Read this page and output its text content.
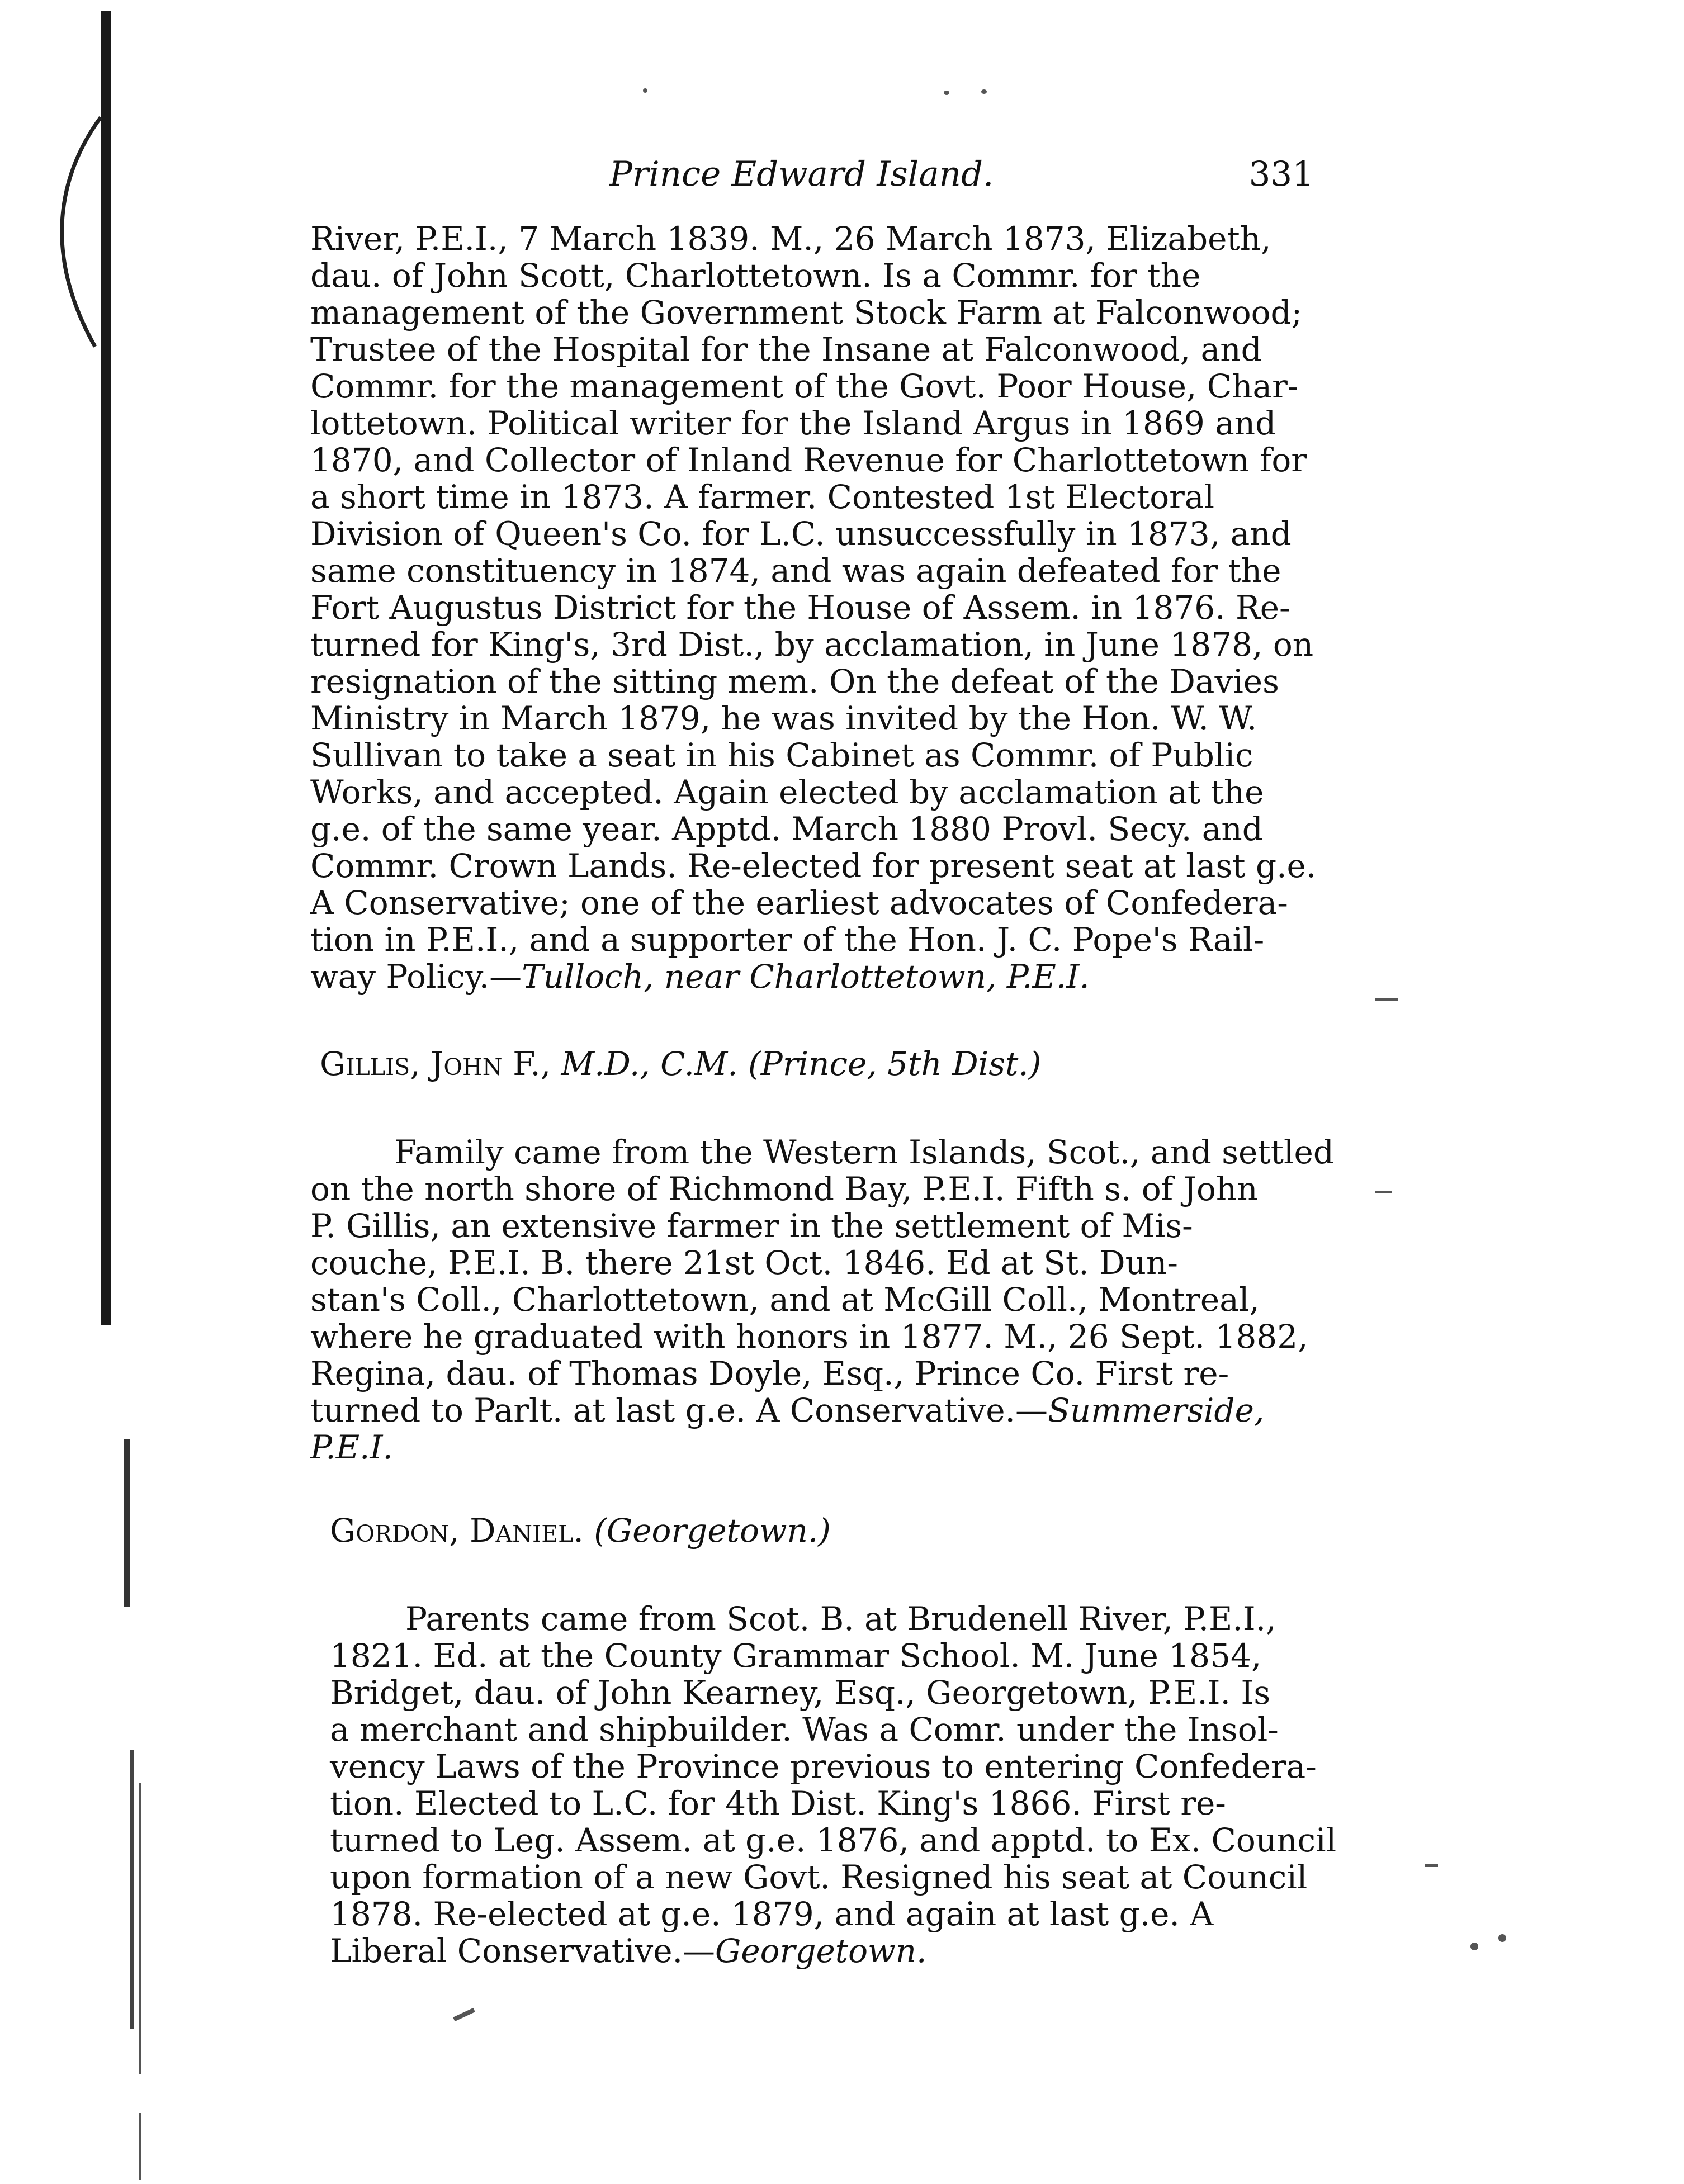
Prince Edward Island.	331
River, P.E.I., 7 March 1839. M., 26 March 1873, Elizabeth,
dau. of John Scott, Charlottetown. Is a Commr. for the
management of the Government Stock Farm at Falconwood;
Trustee of the Hospital for the Insane at Falconwood, and
Commr. for the management of the Govt. Poor House, Char-
lottetown. Political writer for the Island Argus in 1869 and
1870, and Collector of Inland Revenue for Charlottetown for
a short time in 1873. A farmer. Contested 1st Electoral
Division of Queen's Co. for L.C. unsuccessfully in 1873, and
same constituency in 1874, and was again defeated for the
Fort Augustus District for the House of Assem. in 1876. Re-
turned for King's, 3rd Dist., by acclamation, in June 1878, on
resignation of the sitting mem. On the defeat of the Davies
Ministry in March 1879, he was invited by the Hon. W. W.
Sullivan to take a seat in his Cabinet as Commr. of Public
Works, and accepted. Again elected by acclamation at the
g.e. of the same year. Apptd. March 1880 Provl. Secy. and
Commr. Crown Lands. Re-elected for present seat at last g.e.
A Conservative; one of the earliest advocates of Confedera-
tion in P.E.I., and a supporter of the Hon. J. C. Pope's Rail-
way Policy.—Tulloch, near Charlottetown, P.E.I.
Gillis, John F., M.D., C.M. (Prince, 5th Dist.)
Family came from the Western Islands, Scot., and settled
on the north shore of Richmond Bay, P.E.I. Fifth s. of John
P. Gillis, an extensive farmer in the settlement of Mis-
couche, P.E.I. B. there 21st Oct. 1846. Ed at St. Dun-
stan's Coll., Charlottetown, and at McGill Coll., Montreal,
where he graduated with honors in 1877. M., 26 Sept. 1882,
Regina, dau. of Thomas Doyle, Esq., Prince Co. First re-
turned to Parlt. at last g.e. A Conservative.—Summerside,
P.E.I.
Gordon, Daniel. (Georgetown.)
Parents came from Scot. B. at Brudenell River, P.E.I.,
1821. Ed. at the County Grammar School. M. June 1854,
Bridget, dau. of John Kearney, Esq., Georgetown, P.E.I. Is
a merchant and shipbuilder. Was a Comr. under the Insol-
vency Laws of the Province previous to entering Confedera-
tion. Elected to L.C. for 4th Dist. King's 1866. First re-
turned to Leg. Assem. at g.e. 1876, and apptd. to Ex. Council
upon formation of a new Govt. Resigned his seat at Council
1878. Re-elected at g.e. 1879, and again at last g.e. A
Liberal Conservative.—Georgetown.
